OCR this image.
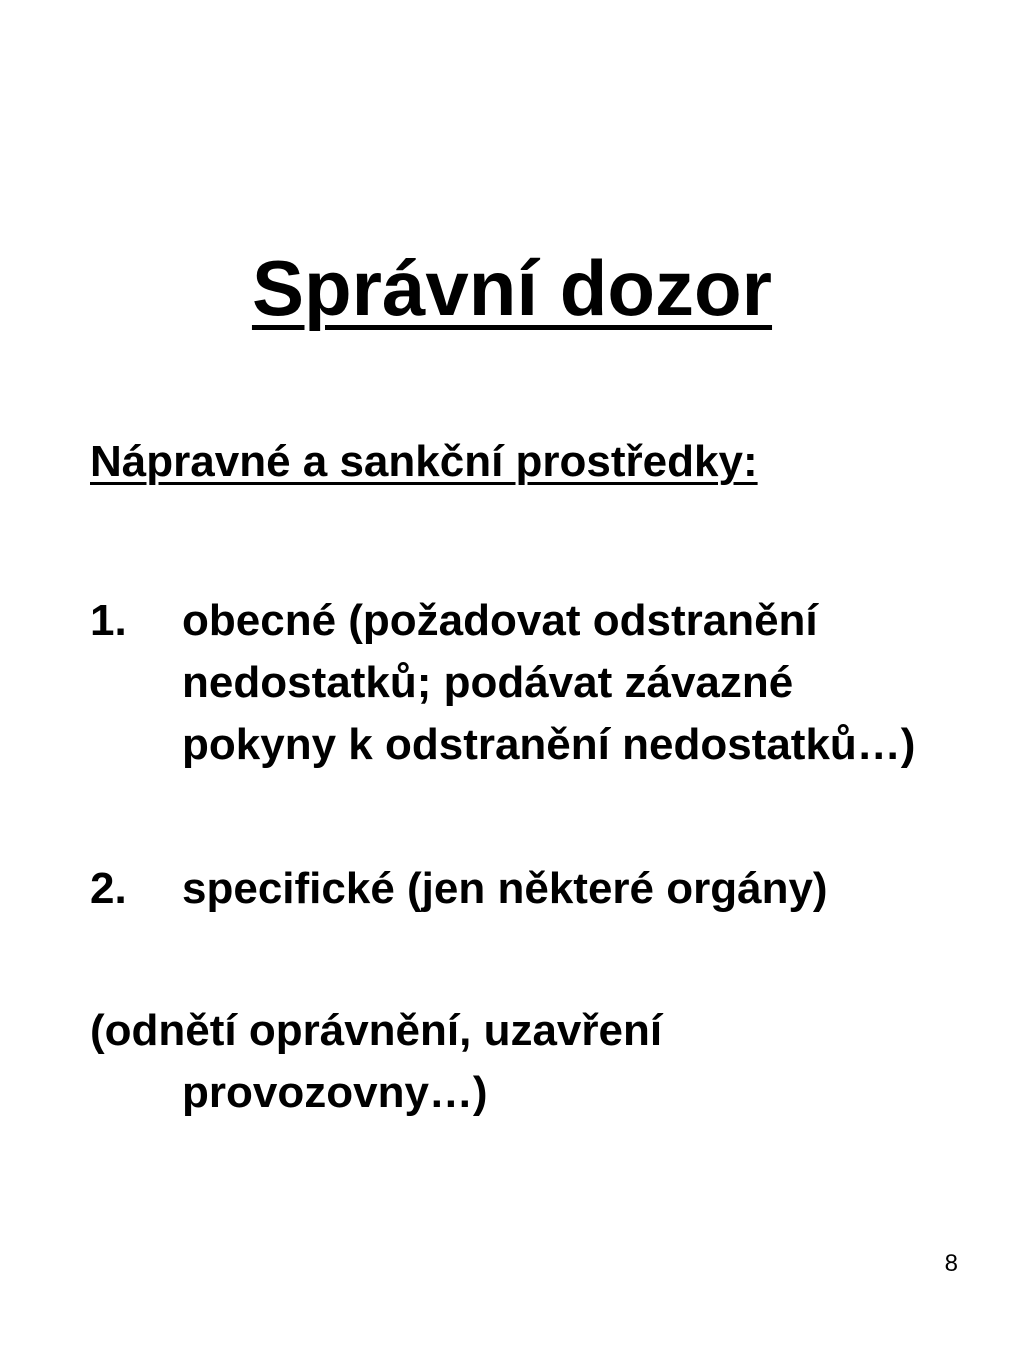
Správní dozor
Nápravné a sankční prostředky:
1. obecné (požadovat odstranění nedostatků; podávat závazné pokyny k odstranění nedostatků…)
2. specifické (jen některé orgány)
(odnětí oprávnění, uzavření
provozovny…)
8
